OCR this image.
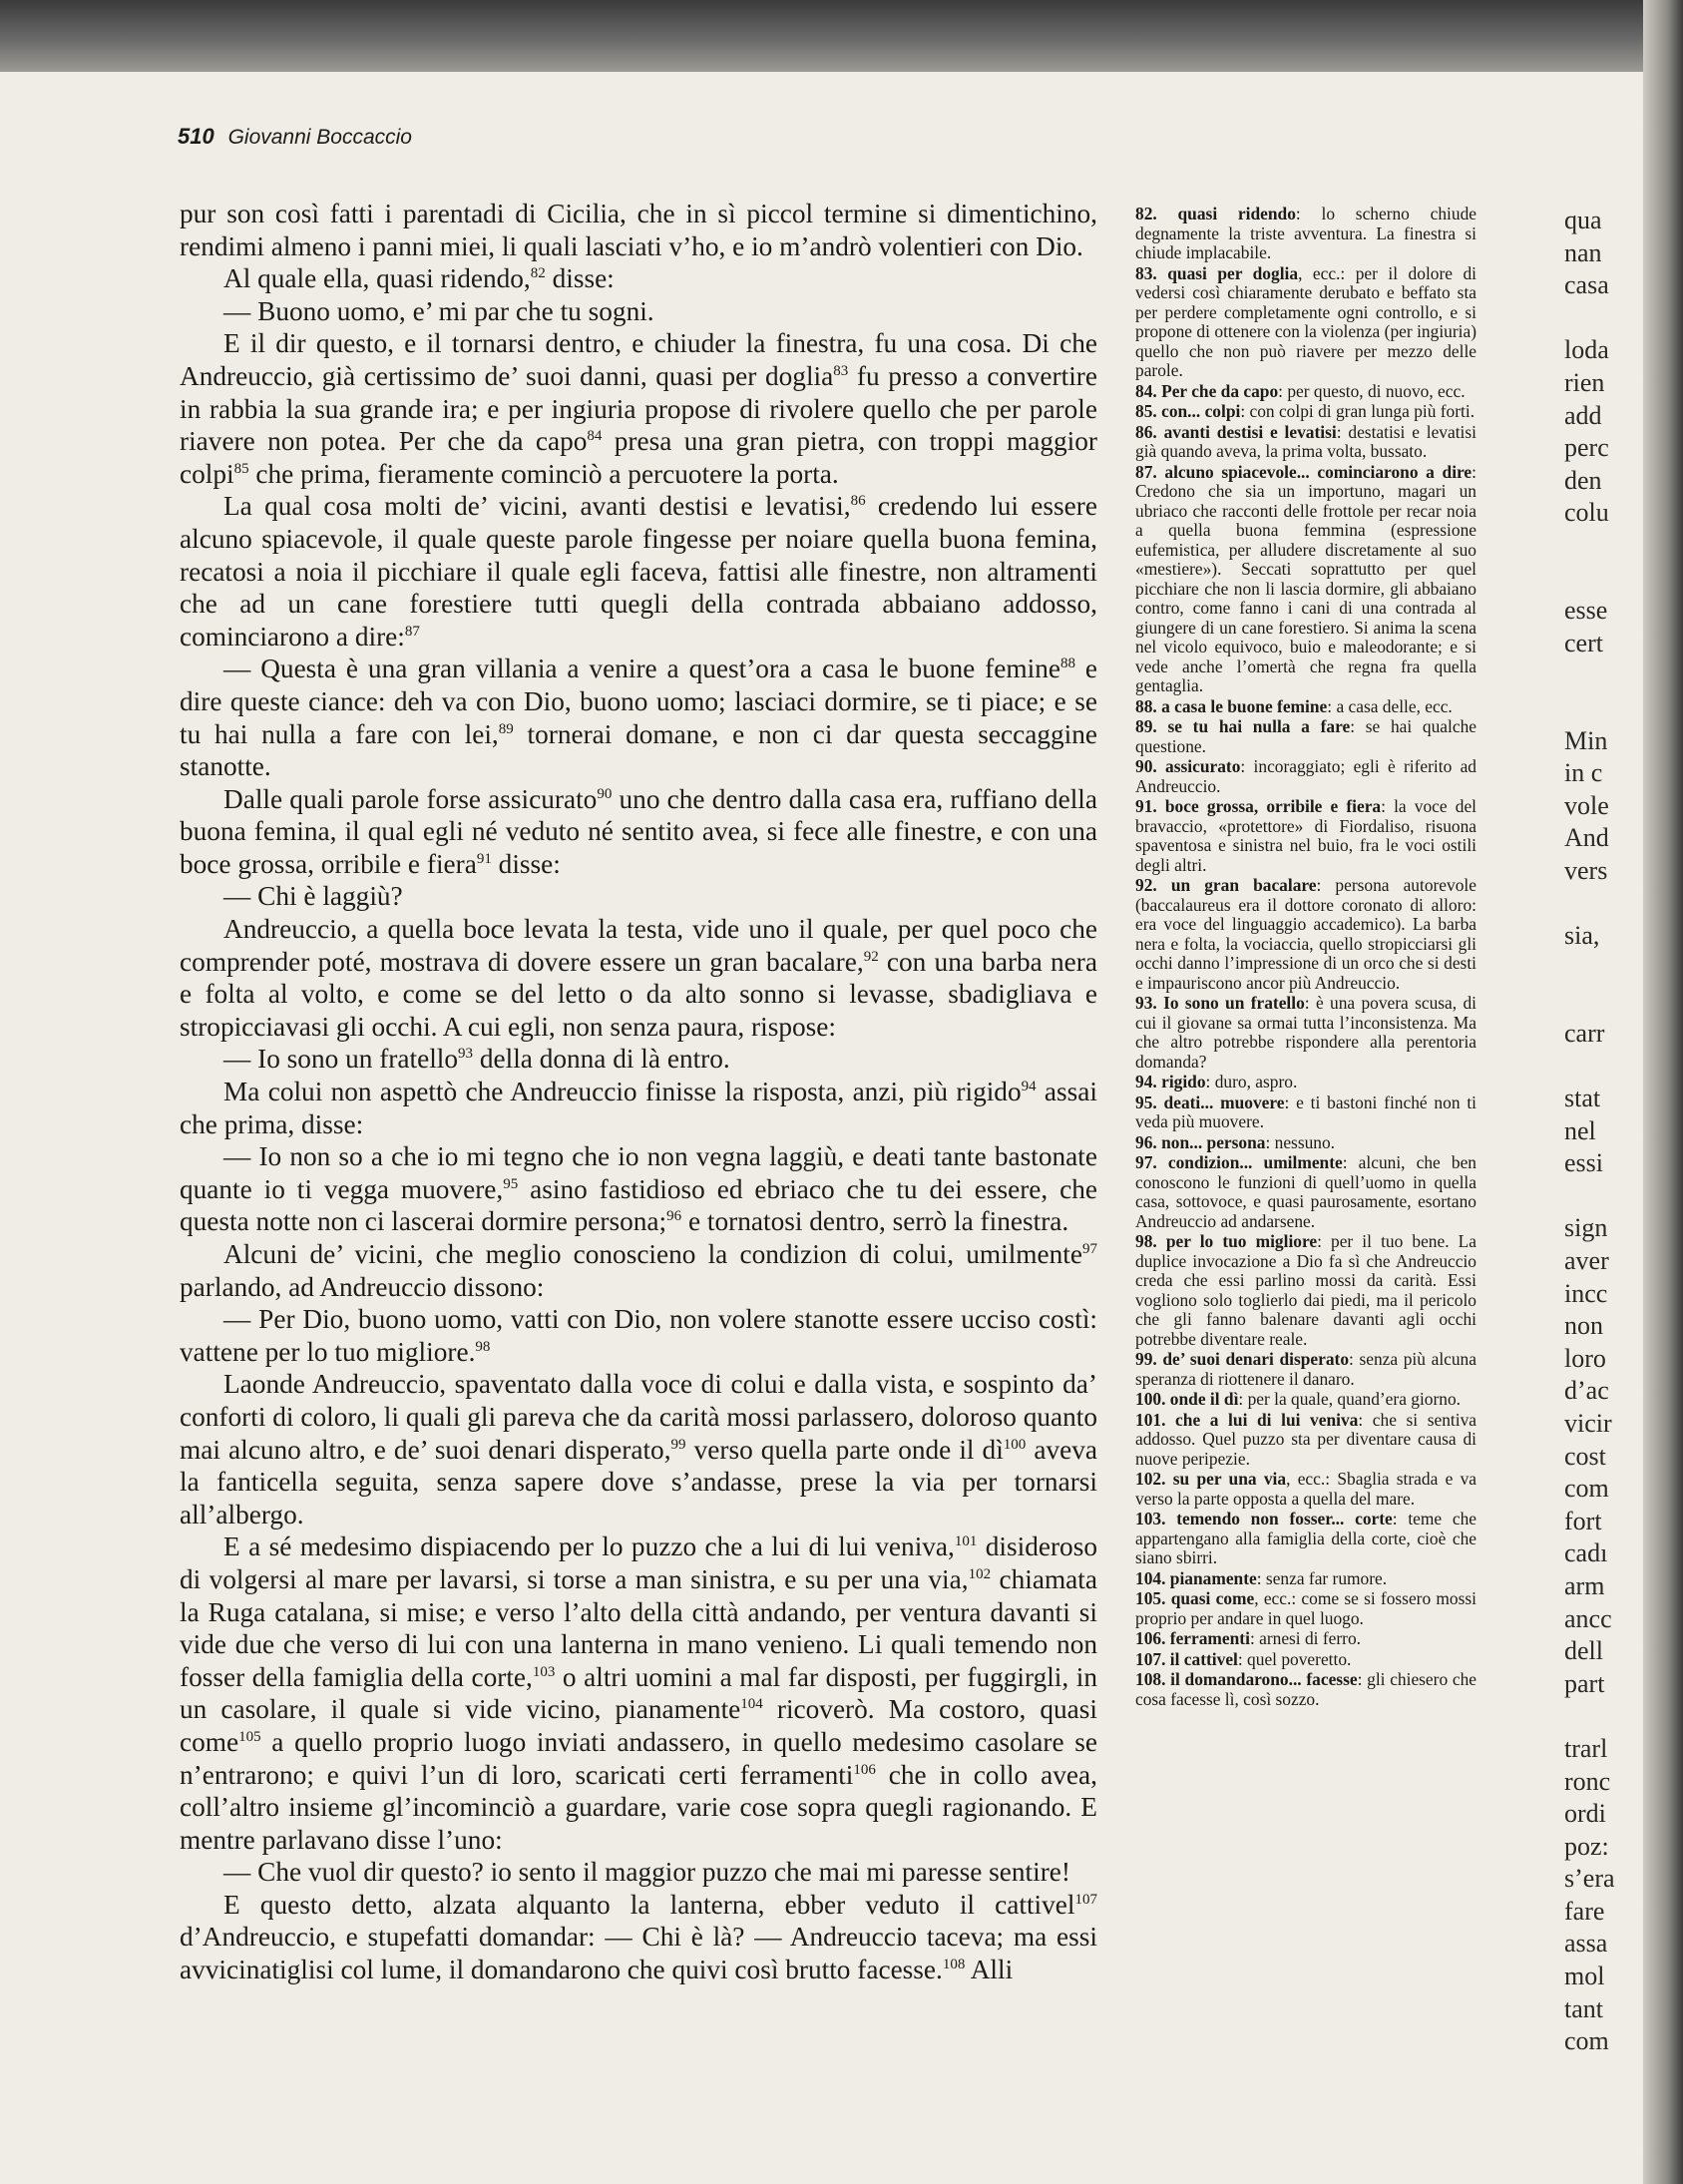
510 Giovanni Boccaccio

pur son così fatti i parentadi di Cicilia, che in sì piccol termine si dimentichino, rendimi almeno i panni miei, li quali lasciati v’ho, e io m’andrò volentieri con Dio.

Al quale ella, quasi ridendo,$^{82}$ disse:

— Buono uomo, e’ mi par che tu sogni.

E il dir questo, e il tornarsi dentro, e chiuder la finestra, fu una cosa. Di che Andreuccio, già certissimo de’ suoi danni, quasi per doglia$^{83}$ fu presso a convertire in rabbia la sua grande ira; e per ingiuria propose di rivolere quello che per parole riavere non potea. Per che da capo$^{84}$ presa una gran pietra, con troppi maggior colpi$^{85}$ che prima, fieramente cominciò a percuotere la porta.

La qual cosa molti de’ vicini, avanti destisi e levatisi,$^{86}$ credendo lui essere alcuno spiacevole, il quale queste parole fingesse per noiare quella buona femina, recatosi a noia il picchiare il quale egli faceva, fattisi alle finestre, non altramenti che ad un cane forestiere tutti quegli della contrada abbaiano addosso, cominciarono a dire:$^{87}$

— Questa è una gran villania a venire a quest’ora a casa le buone femine$^{88}$ e dire queste ciance: deh va con Dio, buono uomo; lasciaci dormire, se ti piace; e se tu hai nulla a fare con lei,$^{89}$ tornerai domane, e non ci dar questa seccaggine stanotte.

Dalle quali parole forse assicurato$^{90}$ uno che dentro dalla casa era, ruffiano della buona femina, il qual egli né veduto né sentito avea, si fece alle finestre, e con una boce grossa, orribile e fiera$^{91}$ disse:

— Chi è laggiù?

Andreuccio, a quella boce levata la testa, vide uno il quale, per quel poco che comprender poté, mostrava di dovere essere un gran bacalare,$^{92}$ con una barba nera e folta al volto, e come se del letto o da alto sonno si levasse, sbadigliava e stropicciavasi gli occhi. A cui egli, non senza paura, rispose:

— Io sono un fratello$^{93}$ della donna di là entro.

Ma colui non aspettò che Andreuccio finisse la risposta, anzi, più rigido$^{94}$ assai che prima, disse:

— Io non so a che io mi tegno che io non vegna laggiù, e deati tante bastonate quante io ti vegga muovere,$^{95}$ asino fastidioso ed ebriaco che tu dei essere, che questa notte non ci lascerai dormire persona;$^{96}$ e tornatosi dentro, serrò la finestra.

Alcuni de’ vicini, che meglio conoscieno la condizion di colui, umilmente$^{97}$ parlando, ad Andreuccio dissono:

— Per Dio, buono uomo, vatti con Dio, non volere stanotte essere ucciso costì: vattene per lo tuo migliore.$^{98}$

Laonde Andreuccio, spaventato dalla voce di colui e dalla vista, e sospinto da’ conforti di coloro, li quali gli pareva che da carità mossi parlassero, doloroso quanto mai alcuno altro, e de’ suoi denari disperato,$^{99}$ verso quella parte onde il $dì^{100}$ aveva la fanticella seguita, senza sapere dove s’andasse, prese la via per tornarsi all’albergo.

E a sé medesimo dispiacendo per lo puzzo che a lui di lui veniva,$^{101}$ disideroso di volgersi al mare per lavarsi, si torse a man sinistra, e su per una via,$^{102}$ chiamata la Ruga catalana, si mise; e verso l’alto della città andando, per ventura davanti si vide due che verso di lui con una lanterna in mano venieno. Li quali temendo non fosser della famiglia della corte,$^{103}$ o altri uomini a mal far disposti, per fuggirgli, in un casolare, il quale si vide vicino, pianamente$^{104}$ ricoverò. Ma costoro, quasi come$^{105}$ a quello proprio luogo inviati andassero, in quello medesimo casolare se n’entrarono; e quivi l’un di loro, scaricati certi ferramenti$^{106}$ che in collo avea, coll’altro insieme gl’incominciò a guardare, varie cose sopra quegli ragionando. E mentre parlavano disse l’uno:

— Che vuol dir questo? io sento il maggior puzzo che mai mi paresse sentire!

E questo detto, alzata alquanto la lanterna, ebber veduto il cattivel$^{107}$ d’Andreuccio, e stupefatti domandar: — Chi è là? — Andreuccio taceva; ma essi avvicinatiglisi col lume, il domandarono che quivi così brutto facesse.$^{108}$ Alli

82. quasi ridendo: lo scherno chiude degnamente la triste avventura. La finestra si chiude implacabile.
83. quasi per doglia, ecc.: per il dolore di vedersi così chiaramente derubato e beffato sta per perdere completamente ogni controllo, e si propone di ottenere con la violenza (per ingiuria) quello che non può riavere per mezzo delle parole.
84. Per che da capo: per questo, di nuovo, ecc.
85. con... colpi: con colpi di gran lunga più forti.
86. avanti destisi e levatisi: destatisi e levatisi già quando aveva, la prima volta, bussato.
87. alcuno spiacevole... cominciarono a dire: Credono che sia un importuno, magari un ubriaco che racconti delle frottole per recar noia a quella buona femmina (espressione eufemistica, per alludere discretamente al suo «mestiere»). Seccati soprattutto per quel picchiare che non li lascia dormire, gli abbaiano contro, come fanno i cani di una contrada al giungere di un cane forestiero. Si anima la scena nel vicolo equivoco, buio e maleodorante; e si vede anche l’omertà che regna fra quella gentaglia.
88. a casa le buone femine: a casa delle, ecc.
89. se tu hai nulla a fare: se hai qualche questione.
90. assicurato: incoraggiato; egli è riferito ad Andreuccio.
91. boce grossa, orribile e fiera: la voce del bravaccio, «protettore» di Fiordaliso, risuona spaventosa e sinistra nel buio, fra le voci ostili degli altri.
92. un gran bacalare: persona autorevole (baccalaureus era il dottore coronato di alloro: era voce del linguaggio accademico). La barba nera e folta, la vociaccia, quello stropicciarsi gli occhi danno l’impressione di un orco che si desti e impauriscono ancor più Andreuccio.
93. Io sono un fratello: è una povera scusa, di cui il giovane sa ormai tutta l’inconsistenza. Ma che altro potrebbe rispondere alla perentoria domanda?
94. rigido: duro, aspro.
95. deati... muovere: e ti bastoni finché non ti veda più muovere.
96. non... persona: nessuno.
97. condizion... umilmente: alcuni, che ben conoscono le funzioni di quell’uomo in quella casa, sottovoce, e quasi paurosamente, esortano Andreuccio ad andarsene.
98. per lo tuo migliore: per il tuo bene. La duplice invocazione a Dio fa sì che Andreuccio creda che essi parlino mossi da carità. Essi vogliono solo toglierlo dai piedi, ma il pericolo che gli fanno balenare davanti agli occhi potrebbe diventare reale.
99. de’ suoi denari disperato: senza più alcuna speranza di riottenere il danaro.
100. onde il dì: per la quale, quand’era giorno.
101. che a lui di lui veniva: che si sentiva addosso. Quel puzzo sta per diventare causa di nuove peripezie.
102. su per una via, ecc.: Sbaglia strada e va verso la parte opposta a quella del mare.
103. temendo non fosser... corte: teme che appartengano alla famiglia della corte, cioè che siano sbirri.
104. pianamente: senza far rumore.
105. quasi come, ecc.: come se si fossero mossi proprio per andare in quel luogo.
106. ferramenti: arnesi di ferro.
107. il cattivel: quel poveretto.
108. il domandarono... facesse: gli chiesero che cosa facesse lì, così sozzo.
qua
nan
casa
loda
rien
add
perc
den
colu
esse
cert
Min
in c
vole
And
vers
sia,
carr
stat
nel
essi
sign
aver
incc
non
loro
d’ac
vicir
cost
com
fort
cadı
arm
ancc
dell
part
trarl
ronc
ordi
poz:
s’era
fare
assa
mol
tant
com
